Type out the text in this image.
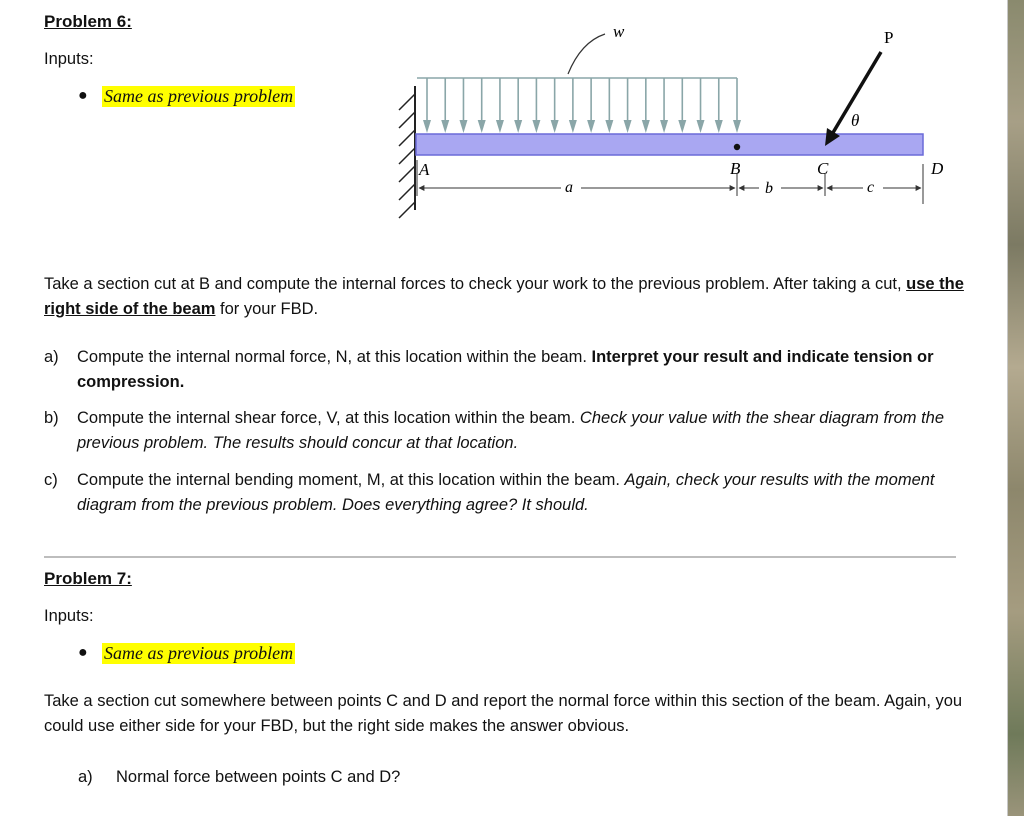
Problem 6:
Inputs:
● Same as previous problem
w	P
θ
A	B	C	D
a	b	c
Take a section cut at B and compute the internal forces to check your work to the previous problem. After taking a cut, use the right side of the beam for your FBD.
a)	Compute the internal normal force, N, at this location within the beam. Interpret your result and indicate tension or compression.
b)	Compute the internal shear force, V, at this location within the beam. Check your value with the shear diagram from the previous problem. The results should concur at that location.
c)	Compute the internal bending moment, M, at this location within the beam. Again, check your results with the moment diagram from the previous problem. Does everything agree? It should.
Problem 7:
Inputs:
● Same as previous problem
Take a section cut somewhere between points C and D and report the normal force within this section of the beam. Again, you could use either side for your FBD, but the right side makes the answer obvious.
a)	Normal force between points C and D?
